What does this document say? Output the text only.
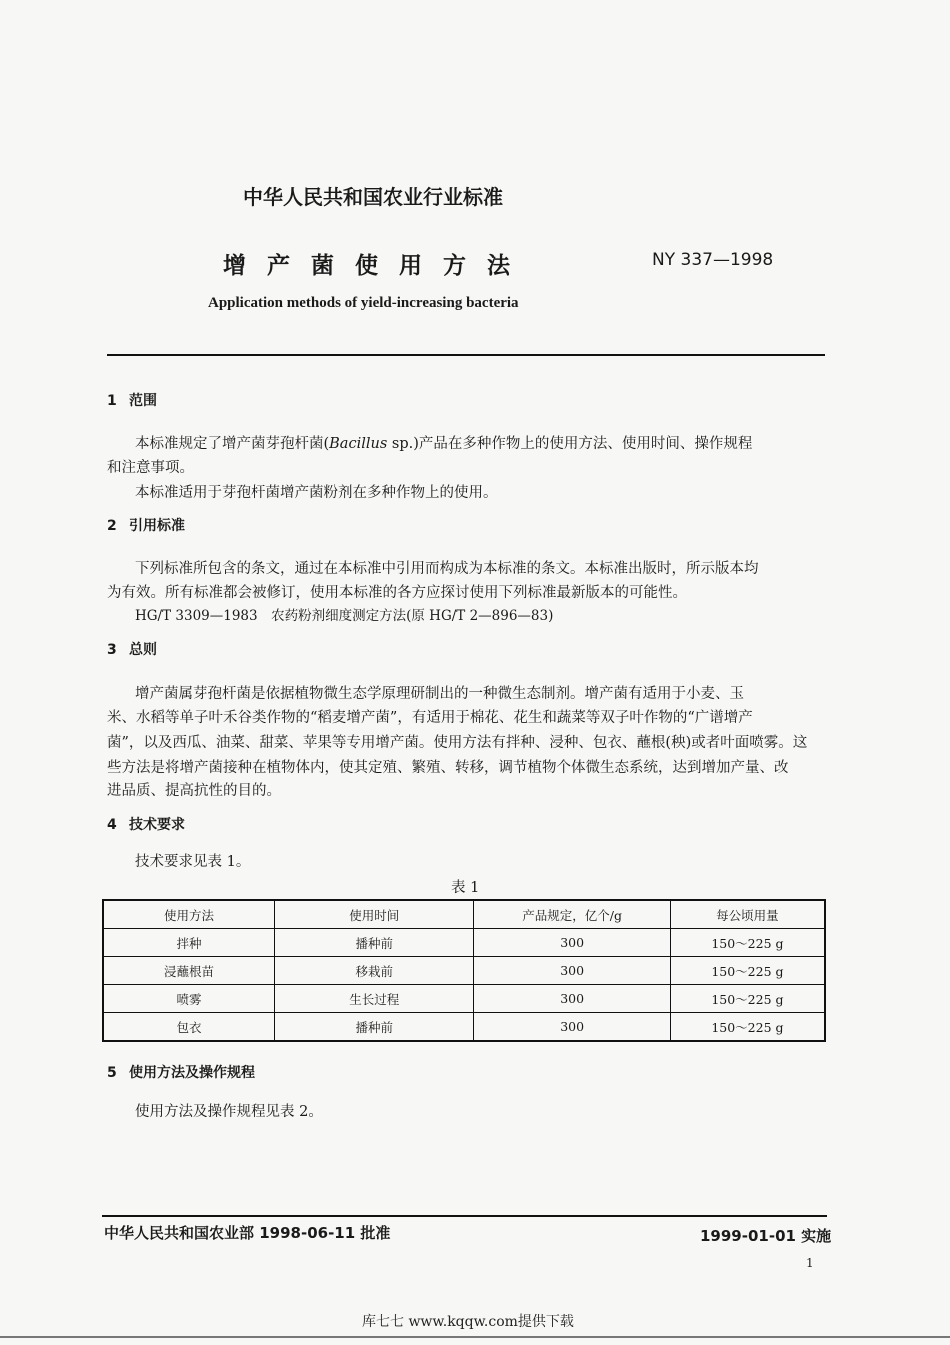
中华人民共和国农业行业标准
增产菌使用方法	NY 337—1998
Application methods of yield-increasing bacteria
1 范围
本标准规定了增产菌芽孢杆菌(Bacillus sp.)产品在多种作物上的使用方法、使用时间、操作规程
和注意事项。
本标准适用于芽孢杆菌增产菌粉剂在多种作物上的使用。
2 引用标准
下列标准所包含的条文，通过在本标准中引用而构成为本标准的条文。本标准出版时，所示版本均
为有效。所有标准都会被修订，使用本标准的各方应探讨使用下列标准最新版本的可能性。
HG/T 3309—1983　农药粉剂细度测定方法(原 HG/T 2—896—83)
3 总则
增产菌属芽孢杆菌是依据植物微生态学原理研制出的一种微生态制剂。增产菌有适用于小麦、玉
米、水稻等单子叶禾谷类作物的“稻麦增产菌”，有适用于棉花、花生和蔬菜等双子叶作物的“广谱增产
菌”，以及西瓜、油菜、甜菜、苹果等专用增产菌。使用方法有拌种、浸种、包衣、蘸根(秧)或者叶面喷雾。这
些方法是将增产菌接种在植物体内，使其定殖、繁殖、转移，调节植物个体微生态系统，达到增加产量、改
进品质、提高抗性的目的。
4 技术要求
技术要求见表 1。
表 1
使用方法	使用时间	产品规定，亿个/g	每公顷用量
拌种	播种前	300	150～225 g
浸蘸根苗	移栽前	300	150～225 g
喷雾	生长过程	300	150～225 g
包衣	播种前	300	150～225 g
5 使用方法及操作规程
使用方法及操作规程见表 2。
中华人民共和国农业部 1998-06-11 批准	1999-01-01 实施
1
库七七 www.kqqw.com提供下载
